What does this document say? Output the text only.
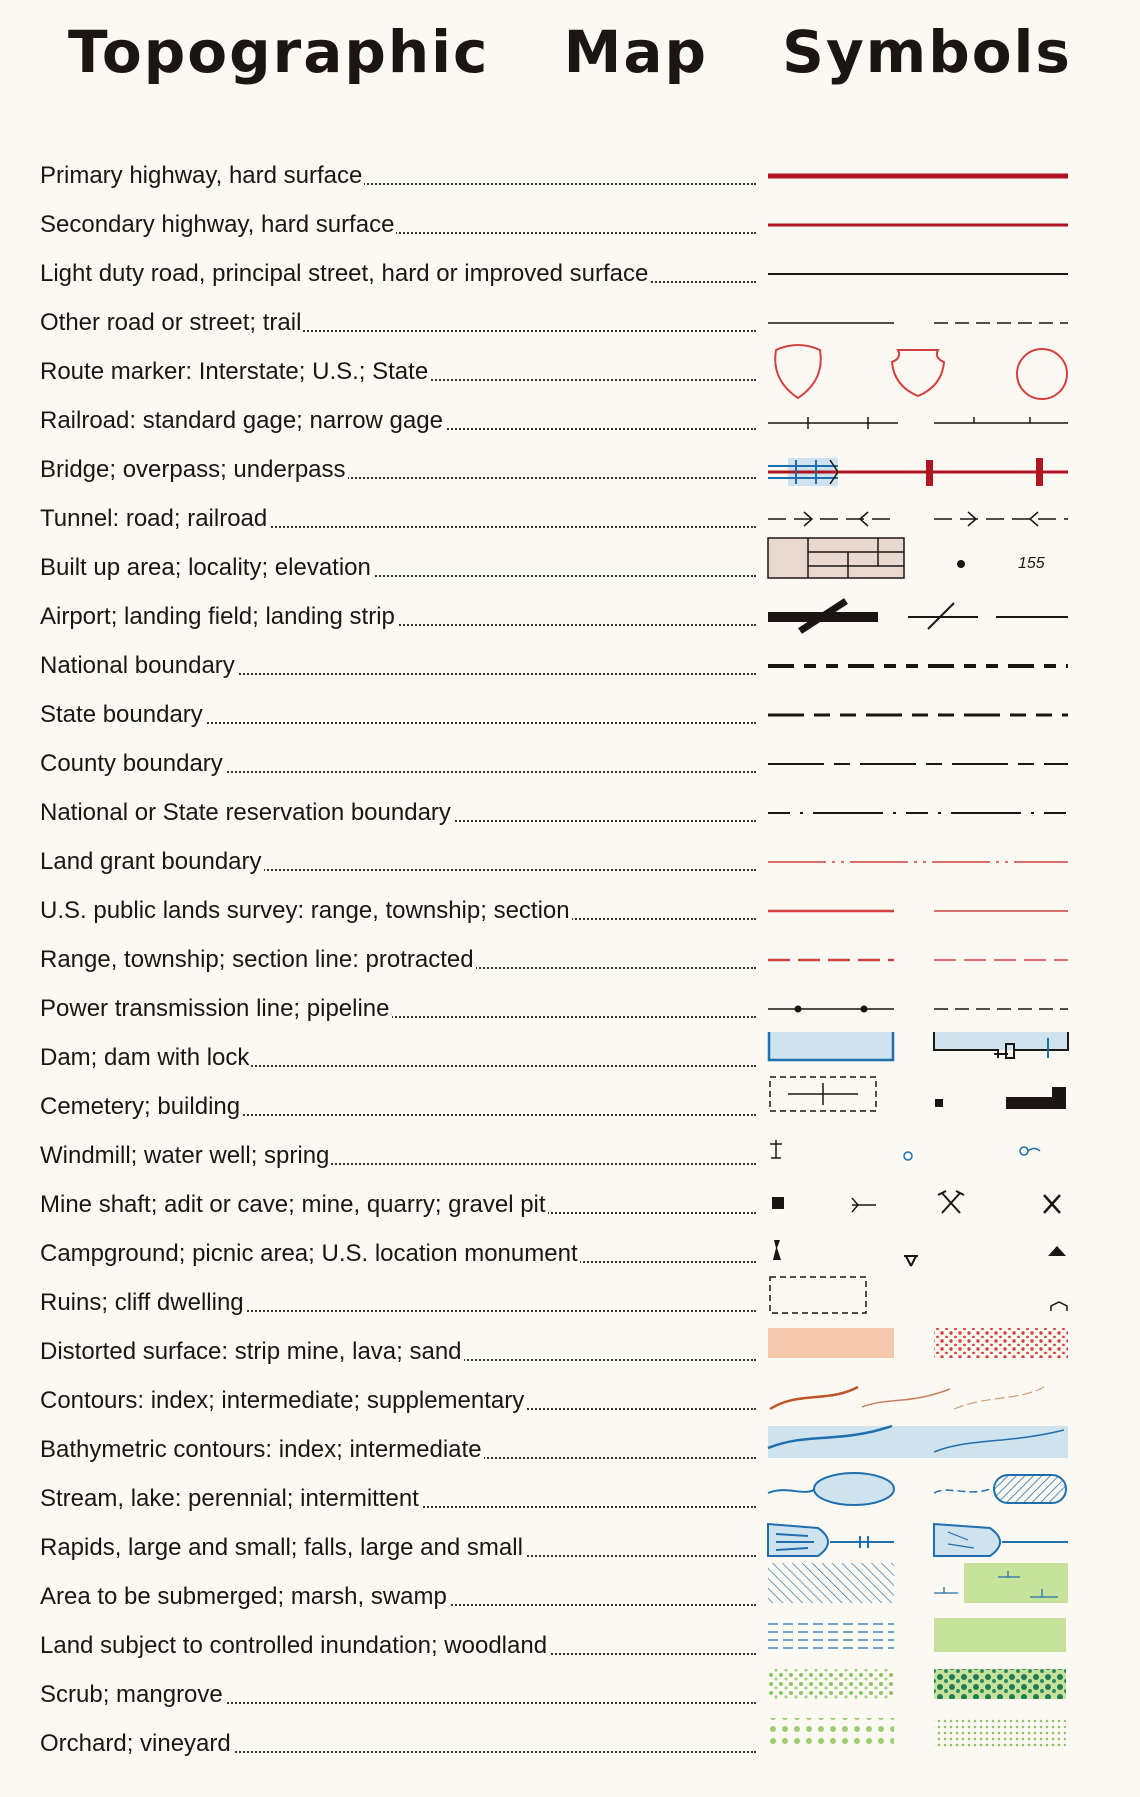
Topographic Map Symbols
Primary highway, hard surface
Secondary highway, hard surface
Light duty road, principal street, hard or improved surface
Other road or street; trail
Route marker: Interstate; U.S.; State
Railroad: standard gage; narrow gage
Bridge; overpass; underpass
Tunnel: road; railroad
Built up area; locality; elevation	155
Airport; landing field; landing strip
National boundary
State boundary
County boundary
National or State reservation boundary
Land grant boundary
U.S. public lands survey: range, township; section
Range, township; section line: protracted
Power transmission line; pipeline
Dam; dam with lock
Cemetery; building
Windmill; water well; spring
Mine shaft; adit or cave; mine, quarry; gravel pit
Campground; picnic area; U.S. location monument
Ruins; cliff dwelling
Distorted surface: strip mine, lava; sand
Contours: index; intermediate; supplementary
Bathymetric contours: index; intermediate
Stream, lake: perennial; intermittent
Rapids, large and small; falls, large and small
Area to be submerged; marsh, swamp
Land subject to controlled inundation; woodland
Scrub; mangrove
Orchard; vineyard
